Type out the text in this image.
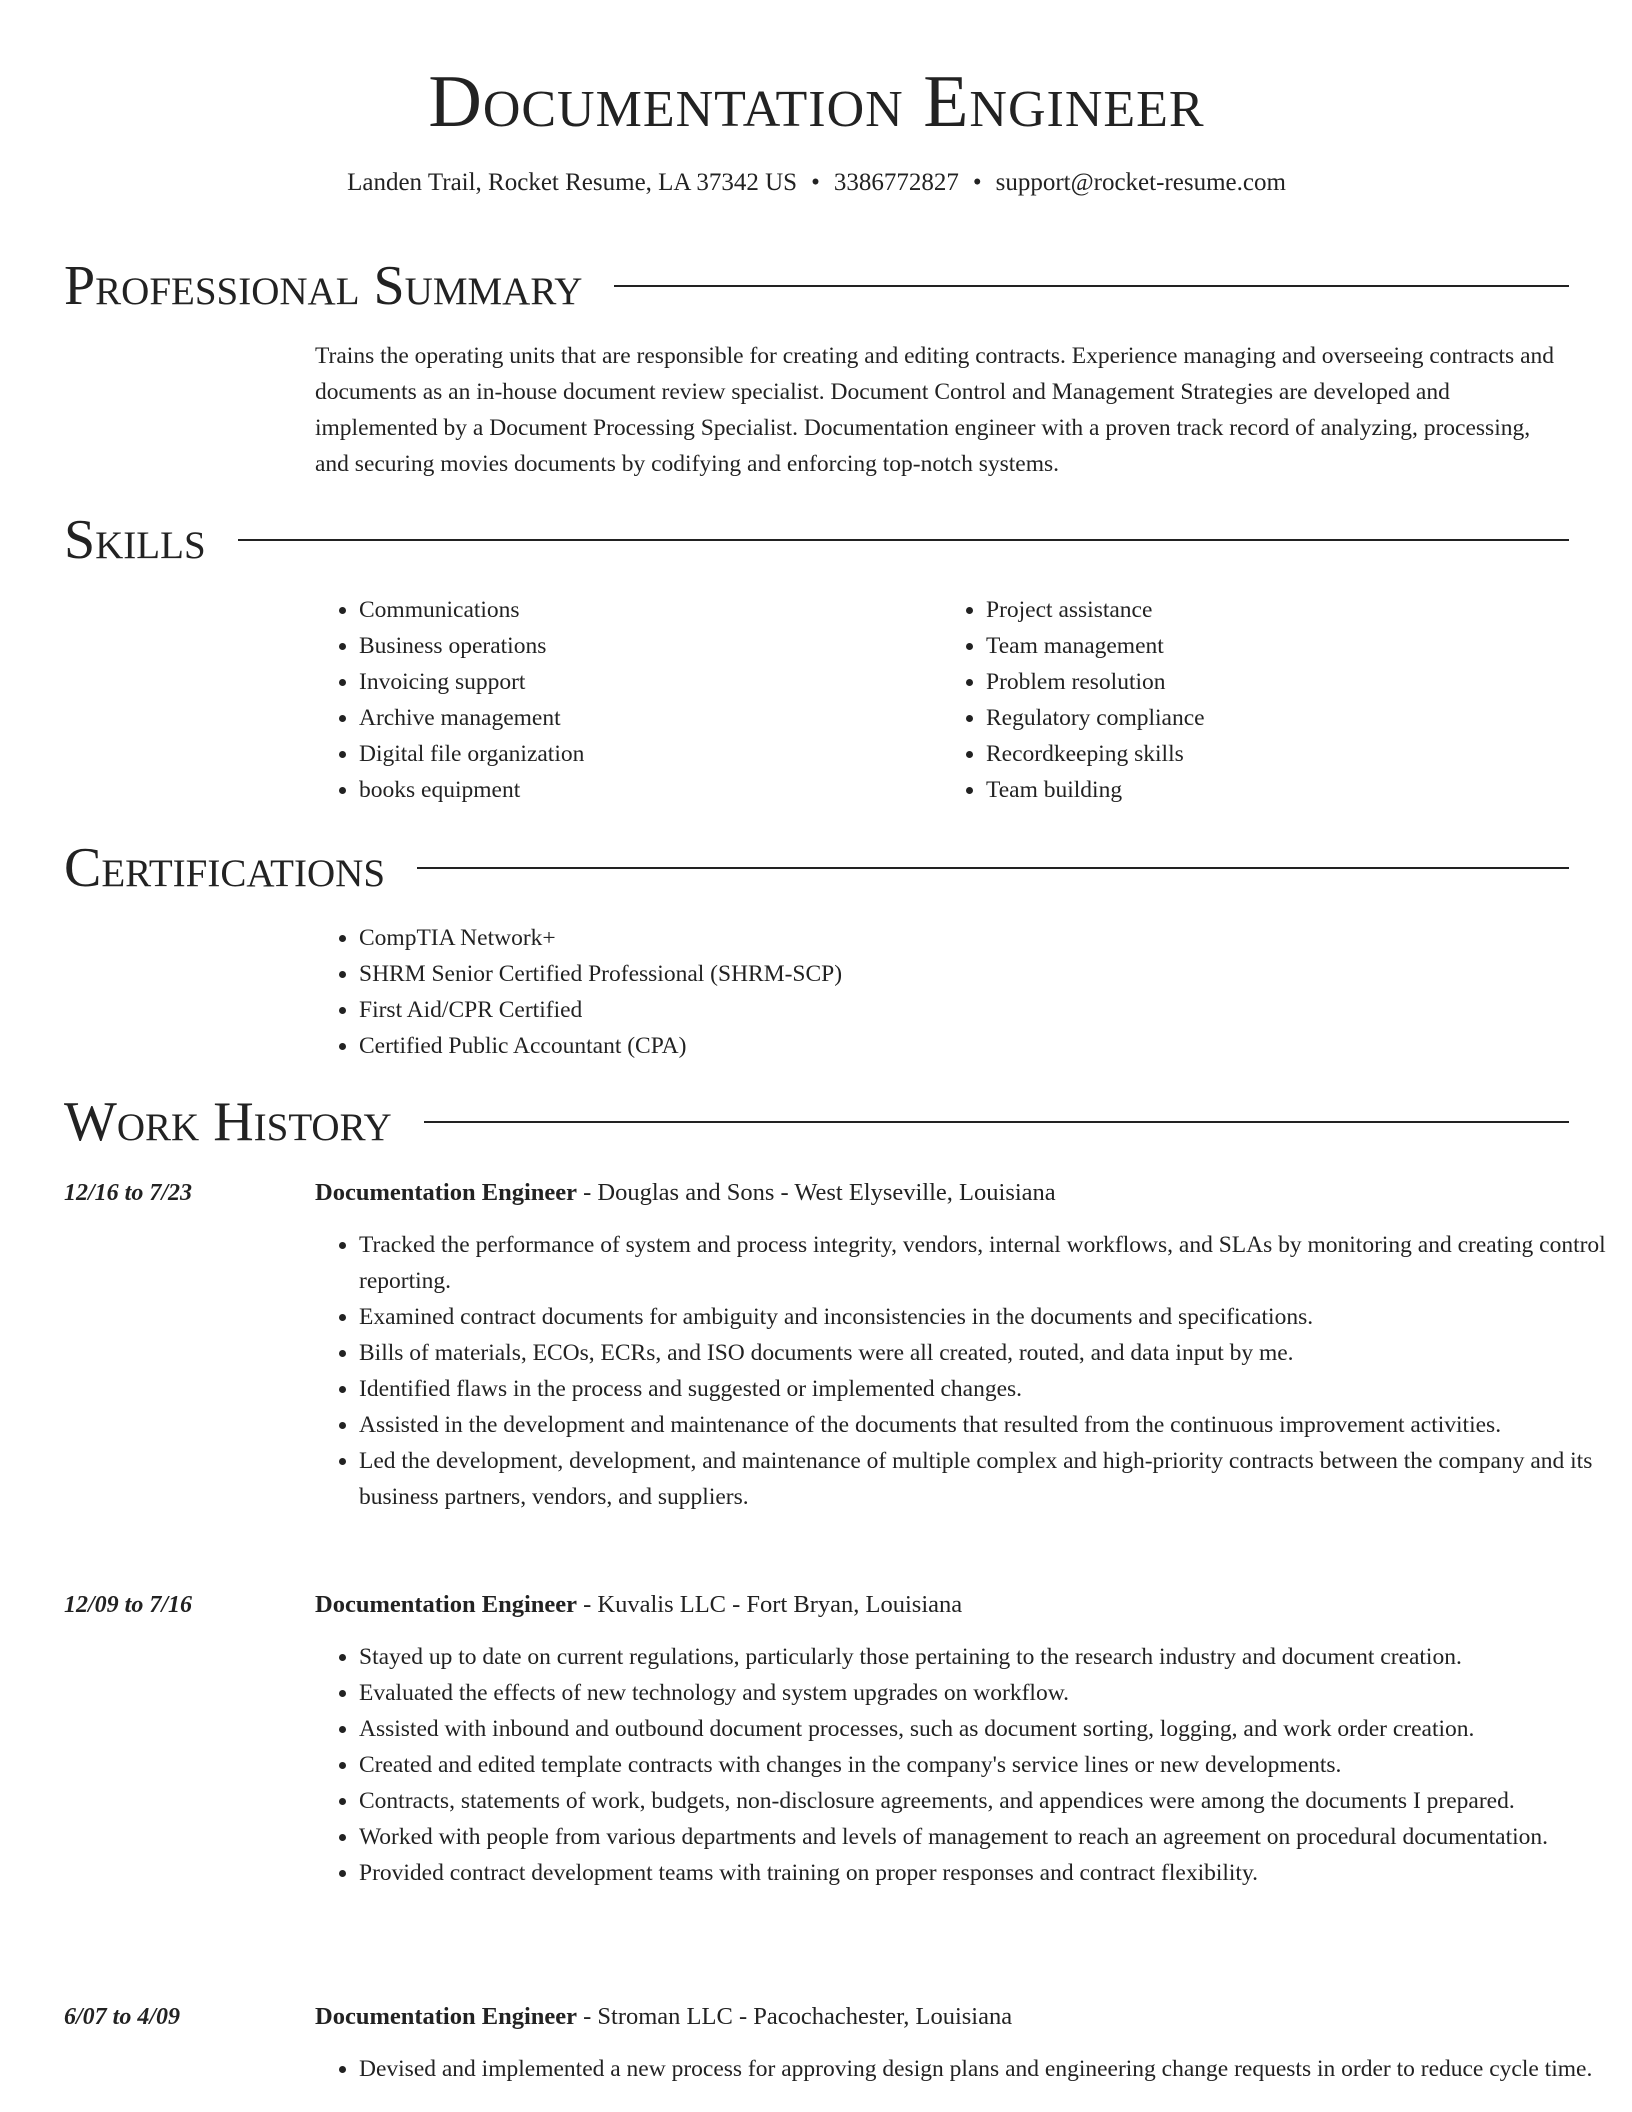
Documentation Engineer
Landen Trail, Rocket Resume, LA 37342 US • 3386772827 • support@rocket-resume.com
Professional Summary

Trains the operating units that are responsible for creating and editing contracts. Experience managing and overseeing contracts and documents as an in-house document review specialist. Document Control and Management Strategies are developed and implemented by a Document Processing Specialist. Documentation engineer with a proven track record of analyzing, processing, and securing movies documents by codifying and enforcing top-notch systems.

Skills
• Communications
• Business operations
• Invoicing support
• Archive management
• Digital file organization
• books equipment
• Project assistance
• Team management
• Problem resolution
• Regulatory compliance
• Recordkeeping skills
• Team building
Certifications
• CompTIA Network+
• SHRM Senior Certified Professional (SHRM-SCP)
• First Aid/CPR Certified
• Certified Public Accountant (CPA)
Work History
12/16 to 7/23	Documentation Engineer - Douglas and Sons - West Elyseville, Louisiana
• Tracked the performance of system and process integrity, vendors, internal workflows, and SLAs by monitoring and creating control reporting.
• Examined contract documents for ambiguity and inconsistencies in the documents and specifications.
• Bills of materials, ECOs, ECRs, and ISO documents were all created, routed, and data input by me.
• Identified flaws in the process and suggested or implemented changes.
• Assisted in the development and maintenance of the documents that resulted from the continuous improvement activities.
• Led the development, development, and maintenance of multiple complex and high-priority contracts between the company and its business partners, vendors, and suppliers.
12/09 to 7/16	Documentation Engineer - Kuvalis LLC - Fort Bryan, Louisiana
• Stayed up to date on current regulations, particularly those pertaining to the research industry and document creation.
• Evaluated the effects of new technology and system upgrades on workflow.
• Assisted with inbound and outbound document processes, such as document sorting, logging, and work order creation.
• Created and edited template contracts with changes in the company's service lines or new developments.
• Contracts, statements of work, budgets, non-disclosure agreements, and appendices were among the documents I prepared.
• Worked with people from various departments and levels of management to reach an agreement on procedural documentation.
• Provided contract development teams with training on proper responses and contract flexibility.
6/07 to 4/09	Documentation Engineer - Stroman LLC - Pacochachester, Louisiana
• Devised and implemented a new process for approving design plans and engineering change requests in order to reduce cycle time.
